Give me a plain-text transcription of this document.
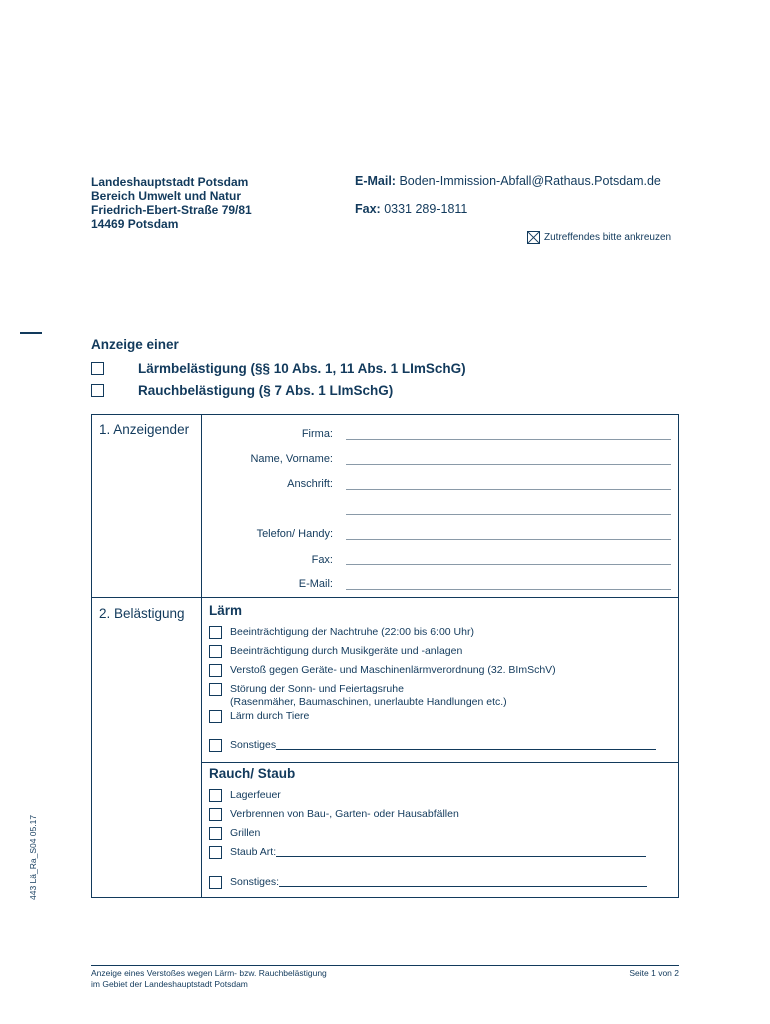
Landeshauptstadt Potsdam
Bereich Umwelt und Natur
Friedrich-Ebert-Straße 79/81
14469 Potsdam
E-Mail: Boden-Immission-Abfall@Rathaus.Potsdam.de
Fax: 0331 289-1811
Zutreffendes bitte ankreuzen
Anzeige einer
Lärmbelästigung (§§ 10 Abs. 1, 11 Abs. 1 LImSchG)
Rauchbelästigung (§ 7 Abs. 1 LImSchG)
1. Anzeigender	Firma:
Name, Vorname:
Anschrift:
Telefon/ Handy:
Fax:
E-Mail:
2. Belästigung Lärm
Beeinträchtigung der Nachtruhe (22:00 bis 6:00 Uhr)
Beeinträchtigung durch Musikgeräte und -anlagen
Verstoß gegen Geräte- und Maschinenlärmverordnung (32. BImSchV)
Störung der Sonn- und Feiertagsruhe
(Rasenmäher, Baumaschinen, unerlaubte Handlungen etc.)
Lärm durch Tiere
Sonstiges
Rauch/ Staub
Lagerfeuer
Verbrennen von Bau-, Garten- oder Hausabfällen
Grillen
Staub Art:
Sonstiges:
443 Lä_Ra_S04 05.17
Anzeige eines Verstoßes wegen Lärm- bzw. Rauchbelästigung
im Gebiet der Landeshauptstadt Potsdam
Seite 1 von 2
